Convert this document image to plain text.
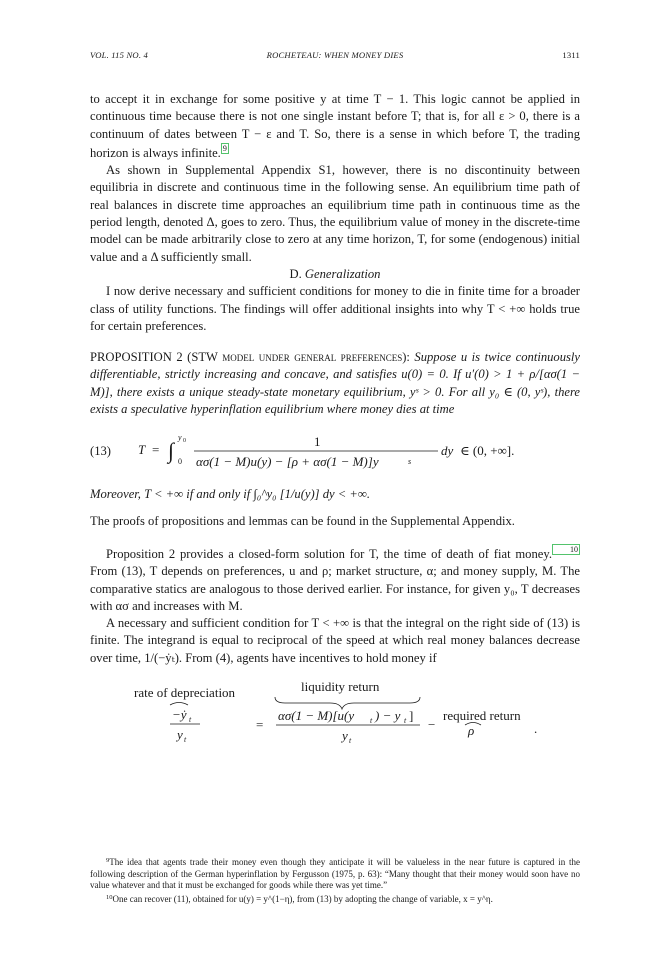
VOL. 115 NO. 4	ROCHETEAU: WHEN MONEY DIES	1311

to accept it in exchange for some positive y at time T − 1. This logic cannot be applied in continuous time because there is not one single instant before T; that is, for all ε > 0, there is a continuum of dates between T − ε and T. So, there is a sense in which before T, the trading horizon is always infinite. 9

As shown in Supplemental Appendix S1, however, there is no discontinuity between equilibria in discrete and continuous time in the following sense. An equilibrium time path of real balances in discrete time approaches an equilibrium time path in continuous time as the period length, denoted Δ, goes to zero. Thus, the equilibrium value of money in the discrete-time model can be made arbitrarily close to zero at any time horizon, T, for some (endogenous) initial value and a Δ sufficiently small.

D. Generalization

I now derive necessary and sufficient conditions for money to die in finite time for a broader class of utility functions. The findings will offer additional insights into why T < +∞ holds true for certain preferences.

PROPOSITION 2 (STW model under general preferences): Suppose u is twice continuously differentiable, strictly increasing and concave, and satisfies u(0) = 0. If u′(0) > 1 + ρ/[ασ(1 − M)], there exists a unique steady-state monetary equilibrium, yˢ > 0. For all y₀ ∈ (0, yˢ), there exists a speculative hyperinflation equilibrium where money dies at time

(13) T = ∫
y 0
0
1
ασ(1 − M)u(y) − [ρ + ασ(1 − M)]y	s
dy ∈ (0, +∞].

Moreover, T < +∞ if and only if ∫₀^y₀ [1/u(y)] dy < +∞.

The proofs of propositions and lemmas can be found in the Supplemental Appendix.

Proposition 2 provides a closed-form solution for T, the time of death of fiat money. 10 From (13), T depends on preferences, u and ρ; market structure, α; and money supply, M. The comparative statics are analogous to those derived earlier. For instance, for given y₀, T decreases with ασ and increases with M.

A necessary and sufficient condition for T < +∞ is that the integral on the right side of (13) is finite. The integrand is equal to reciprocal of the speed at which real money balances decrease over time, 1/(−ẏₜ). From (4), agents have incentives to hold money if

rate of depreciation
−ẏ t
y t
=
liquidity return
ασ(1 − M)[u(y t ) − y t ]
y t
−
required return
ρ	.

$^9$The idea that agents trade their money even though they anticipate it will be valueless in the near future is captured in the following description of the German hyperinflation by Fergusson (1975, p. 63): “Many thought that their money would soon have no value whatever and that it must be exchanged for goods while there was yet time.”

$^{10}$One can recover (11), obtained for u(y) = y^(1−η), from (13) by adopting the change of variable, x = y^η.
